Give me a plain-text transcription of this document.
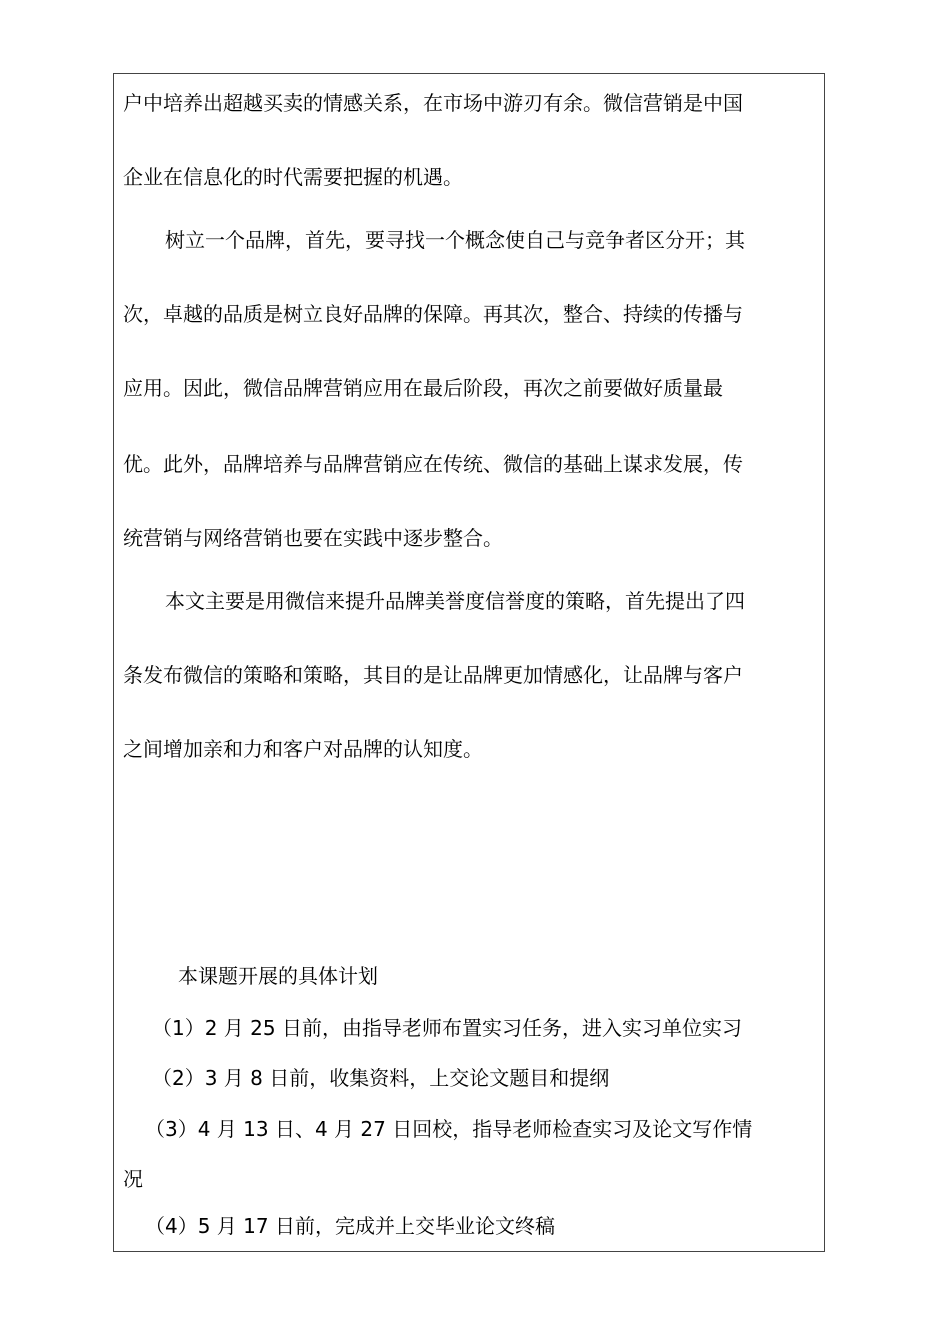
户中培养出超越买卖的情感关系，在市场中游刃有余。微信营销是中国
企业在信息化的时代需要把握的机遇。
树立一个品牌，首先，要寻找一个概念使自己与竞争者区分开；其
次，卓越的品质是树立良好品牌的保障。再其次，整合、持续的传播与
应用。因此，微信品牌营销应用在最后阶段，再次之前要做好质量最
优。此外，品牌培养与品牌营销应在传统、微信的基础上谋求发展，传
统营销与网络营销也要在实践中逐步整合。
本文主要是用微信来提升品牌美誉度信誉度的策略，首先提出了四
条发布微信的策略和策略，其目的是让品牌更加情感化，让品牌与客户
之间增加亲和力和客户对品牌的认知度。
本课题开展的具体计划
（1）2 月 25 日前，由指导老师布置实习任务，进入实习单位实习
（2）3 月 8 日前，收集资料，上交论文题目和提纲
（3）4 月 13 日、4 月 27 日回校，指导老师检查实习及论文写作情
况
（4）5 月 17 日前，完成并上交毕业论文终稿
